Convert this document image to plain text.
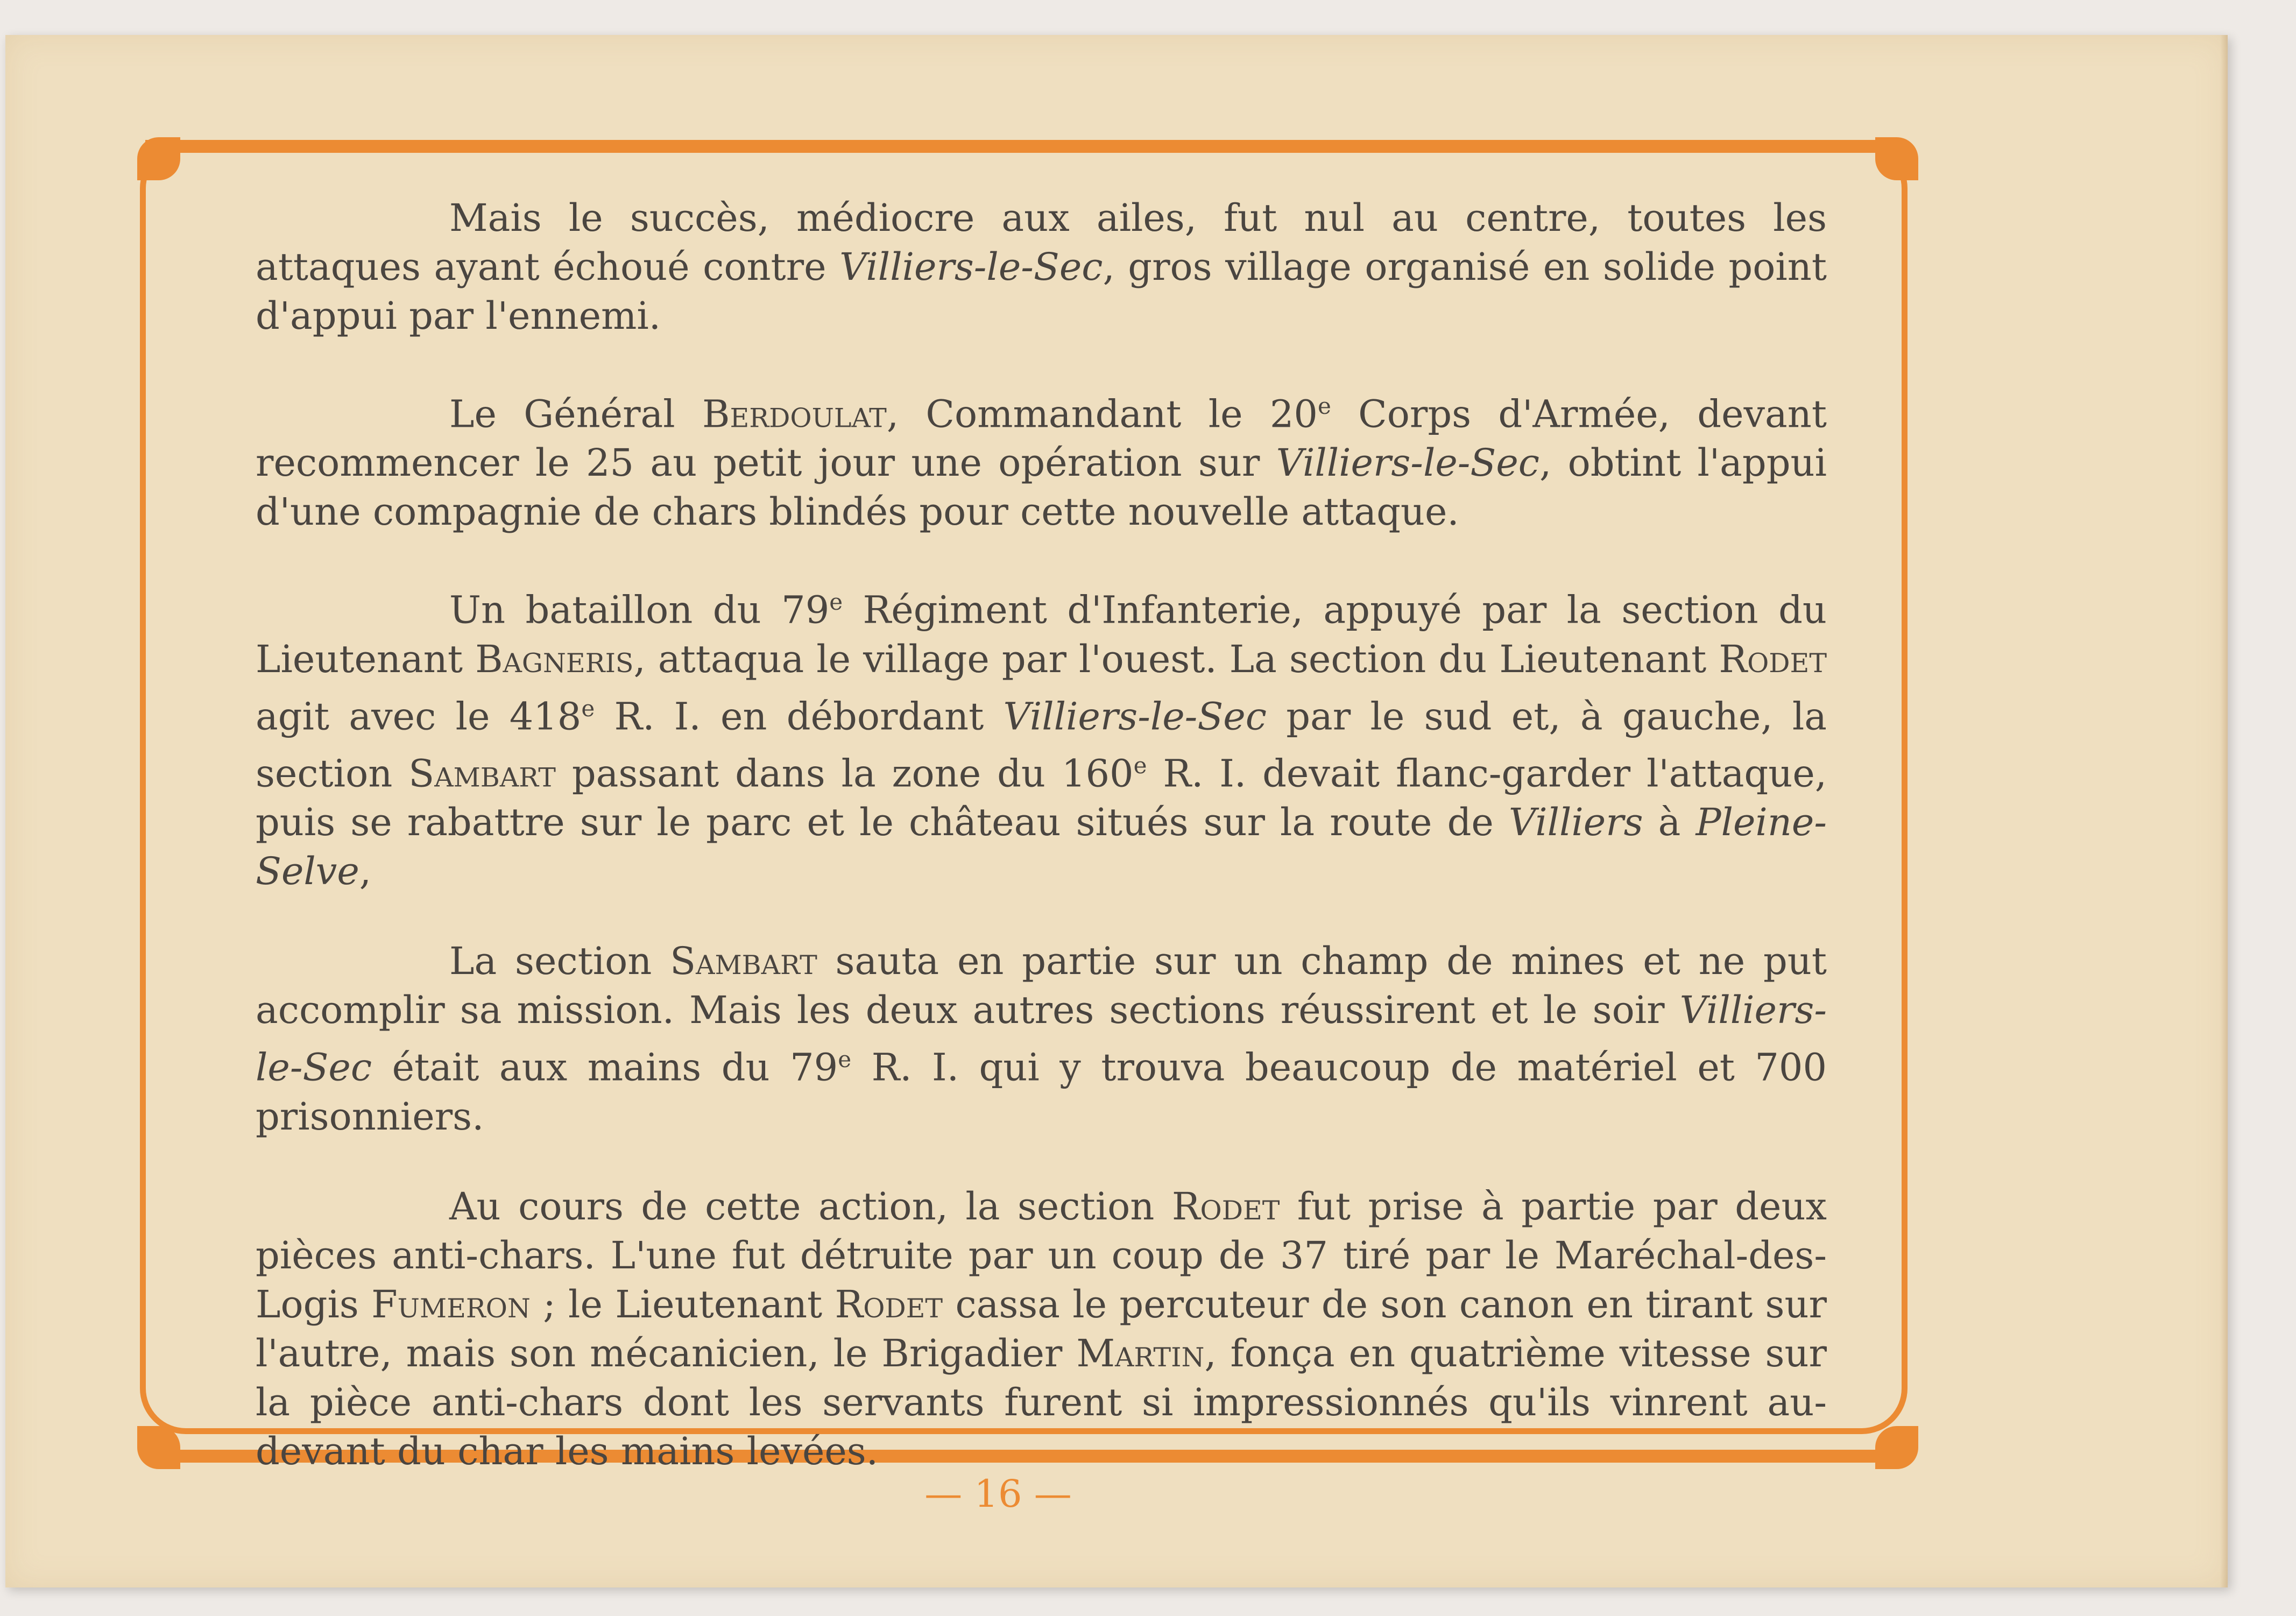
Mais le succès, médiocre aux ailes, fut nul au centre, toutes les attaques ayant échoué contre Villiers-le-Sec, gros village organisé en solide point d'appui par l'ennemi.

Le Général Berdoulat, Commandant le 20e Corps d'Armée, devant recommencer le 25 au petit jour une opération sur Villiers-le-Sec, obtint l'appui d'une compagnie de chars blindés pour cette nouvelle attaque.

Un bataillon du 79e Régiment d'Infanterie, appuyé par la section du Lieutenant Bagneris, attaqua le village par l'ouest. La section du Lieutenant Rodet agit avec le 418e R. I. en débordant Villiers-le-Sec par le sud et, à gauche, la section Sambart passant dans la zone du 160e R. I. devait flanc-garder l'attaque, puis se rabattre sur le parc et le château situés sur la route de Villiers à Pleine-Selve,

La section Sambart sauta en partie sur un champ de mines et ne put accomplir sa mission. Mais les deux autres sections réussirent et le soir Villiers-le-Sec était aux mains du 79e R. I. qui y trouva beaucoup de matériel et 700 prisonniers.

Au cours de cette action, la section Rodet fut prise à partie par deux pièces anti-chars. L'une fut détruite par un coup de 37 tiré par le Maréchal-des-Logis Fumeron ; le Lieutenant Rodet cassa le percuteur de son canon en tirant sur l'autre, mais son mécanicien, le Brigadier Martin, fonça en quatrième vitesse sur la pièce anti-chars dont les servants furent si impressionnés qu'ils vinrent au-devant du char les mains levées.

— 16 —
